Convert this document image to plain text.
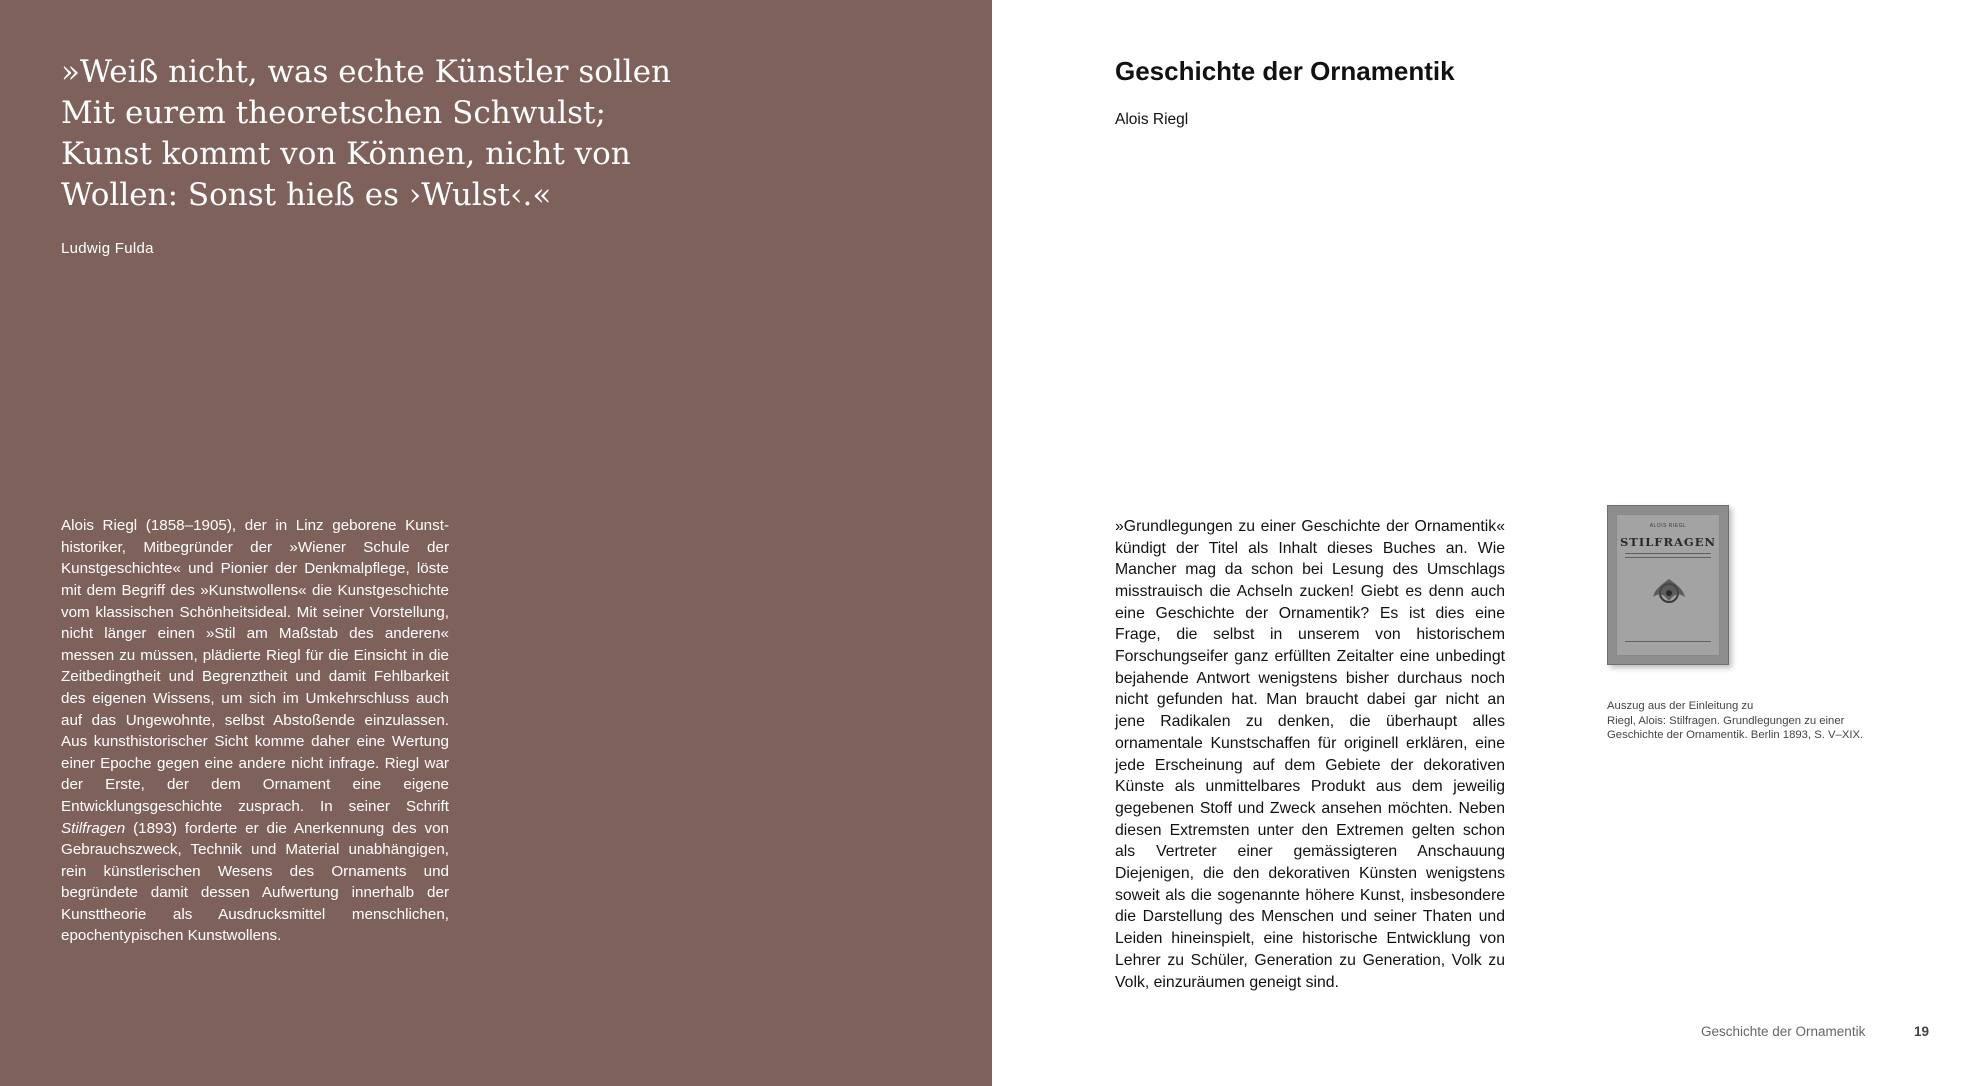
»Weiß nicht, was echte Künstler sollen
Mit eurem theoretschen Schwulst;
Kunst kommt von Können, nicht von
Wollen: Sonst hieß es ›Wulst‹.«
Ludwig Fulda

Alois Riegl (1858–1905), der in Linz geborene Kunsthistoriker, Mitbegründer der »Wiener Schule der Kunstgeschichte« und Pionier der Denkmalpflege, löste mit dem Begriff des »Kunstwollens« die Kunstgeschichte vom klassischen Schönheitsideal. Mit seiner Vorstellung, nicht länger einen »Stil am Maßstab des anderen« messen zu müssen, plädierte Riegl für die Einsicht in die Zeitbedingtheit und Begrenztheit und damit Fehlbarkeit des eigenen Wissens, um sich im Umkehrschluss auch auf das Ungewohnte, selbst Abstoßende einzulassen. Aus kunsthistorischer Sicht komme daher eine Wertung einer Epoche gegen eine andere nicht infrage. Riegl war der Erste, der dem Ornament eine eigene Entwicklungsgeschichte zusprach. In seiner Schrift Stilfragen (1893) forderte er die Anerkennung des von Gebrauchszweck, Technik und Material unabhängigen, rein künstlerischen Wesens des Ornaments und begründete damit dessen Aufwertung innerhalb der Kunsttheorie als Ausdrucksmittel menschlichen, epochentypischen Kunstwollens.

Geschichte der Ornamentik
Alois Riegl

»Grundlegungen zu einer Geschichte der Ornamentik« kündigt der Titel als Inhalt dieses Buches an. Wie Mancher mag da schon bei Lesung des Umschlags misstrauisch die Achseln zucken! Giebt es denn auch eine Geschichte der Ornamentik? Es ist dies eine Frage, die selbst in unserem von historischem Forschungseifer ganz erfüllten Zeitalter eine unbedingt bejahende Antwort wenigstens bisher durchaus noch nicht gefunden hat. Man braucht dabei gar nicht an jene Radikalen zu denken, die überhaupt alles ornamentale Kunstschaffen für originell erklären, eine jede Erscheinung auf dem Gebiete der dekorativen Künste als unmittelbares Produkt aus dem jeweilig gegebenen Stoff und Zweck ansehen möchten. Neben diesen Extremsten unter den Extremen gelten schon als Vertreter einer gemässigteren Anschauung Diejenigen, die den dekorativen Künsten wenigstens soweit als die sogenannte höhere Kunst, insbesondere die Darstellung des Menschen und seiner Thaten und Leiden hineinspielt, eine historische Entwicklung von Lehrer zu Schüler, Generation zu Generation, Volk zu Volk, einzuräumen geneigt sind.

ALOIS RIEGL
STILFRAGEN
Auszug aus der Einleitung zu
Riegl, Alois: Stilfragen. Grundlegungen zu einer
Geschichte der Ornamentik. Berlin 1893, S. V–XIX.
Geschichte der Ornamentik	19
